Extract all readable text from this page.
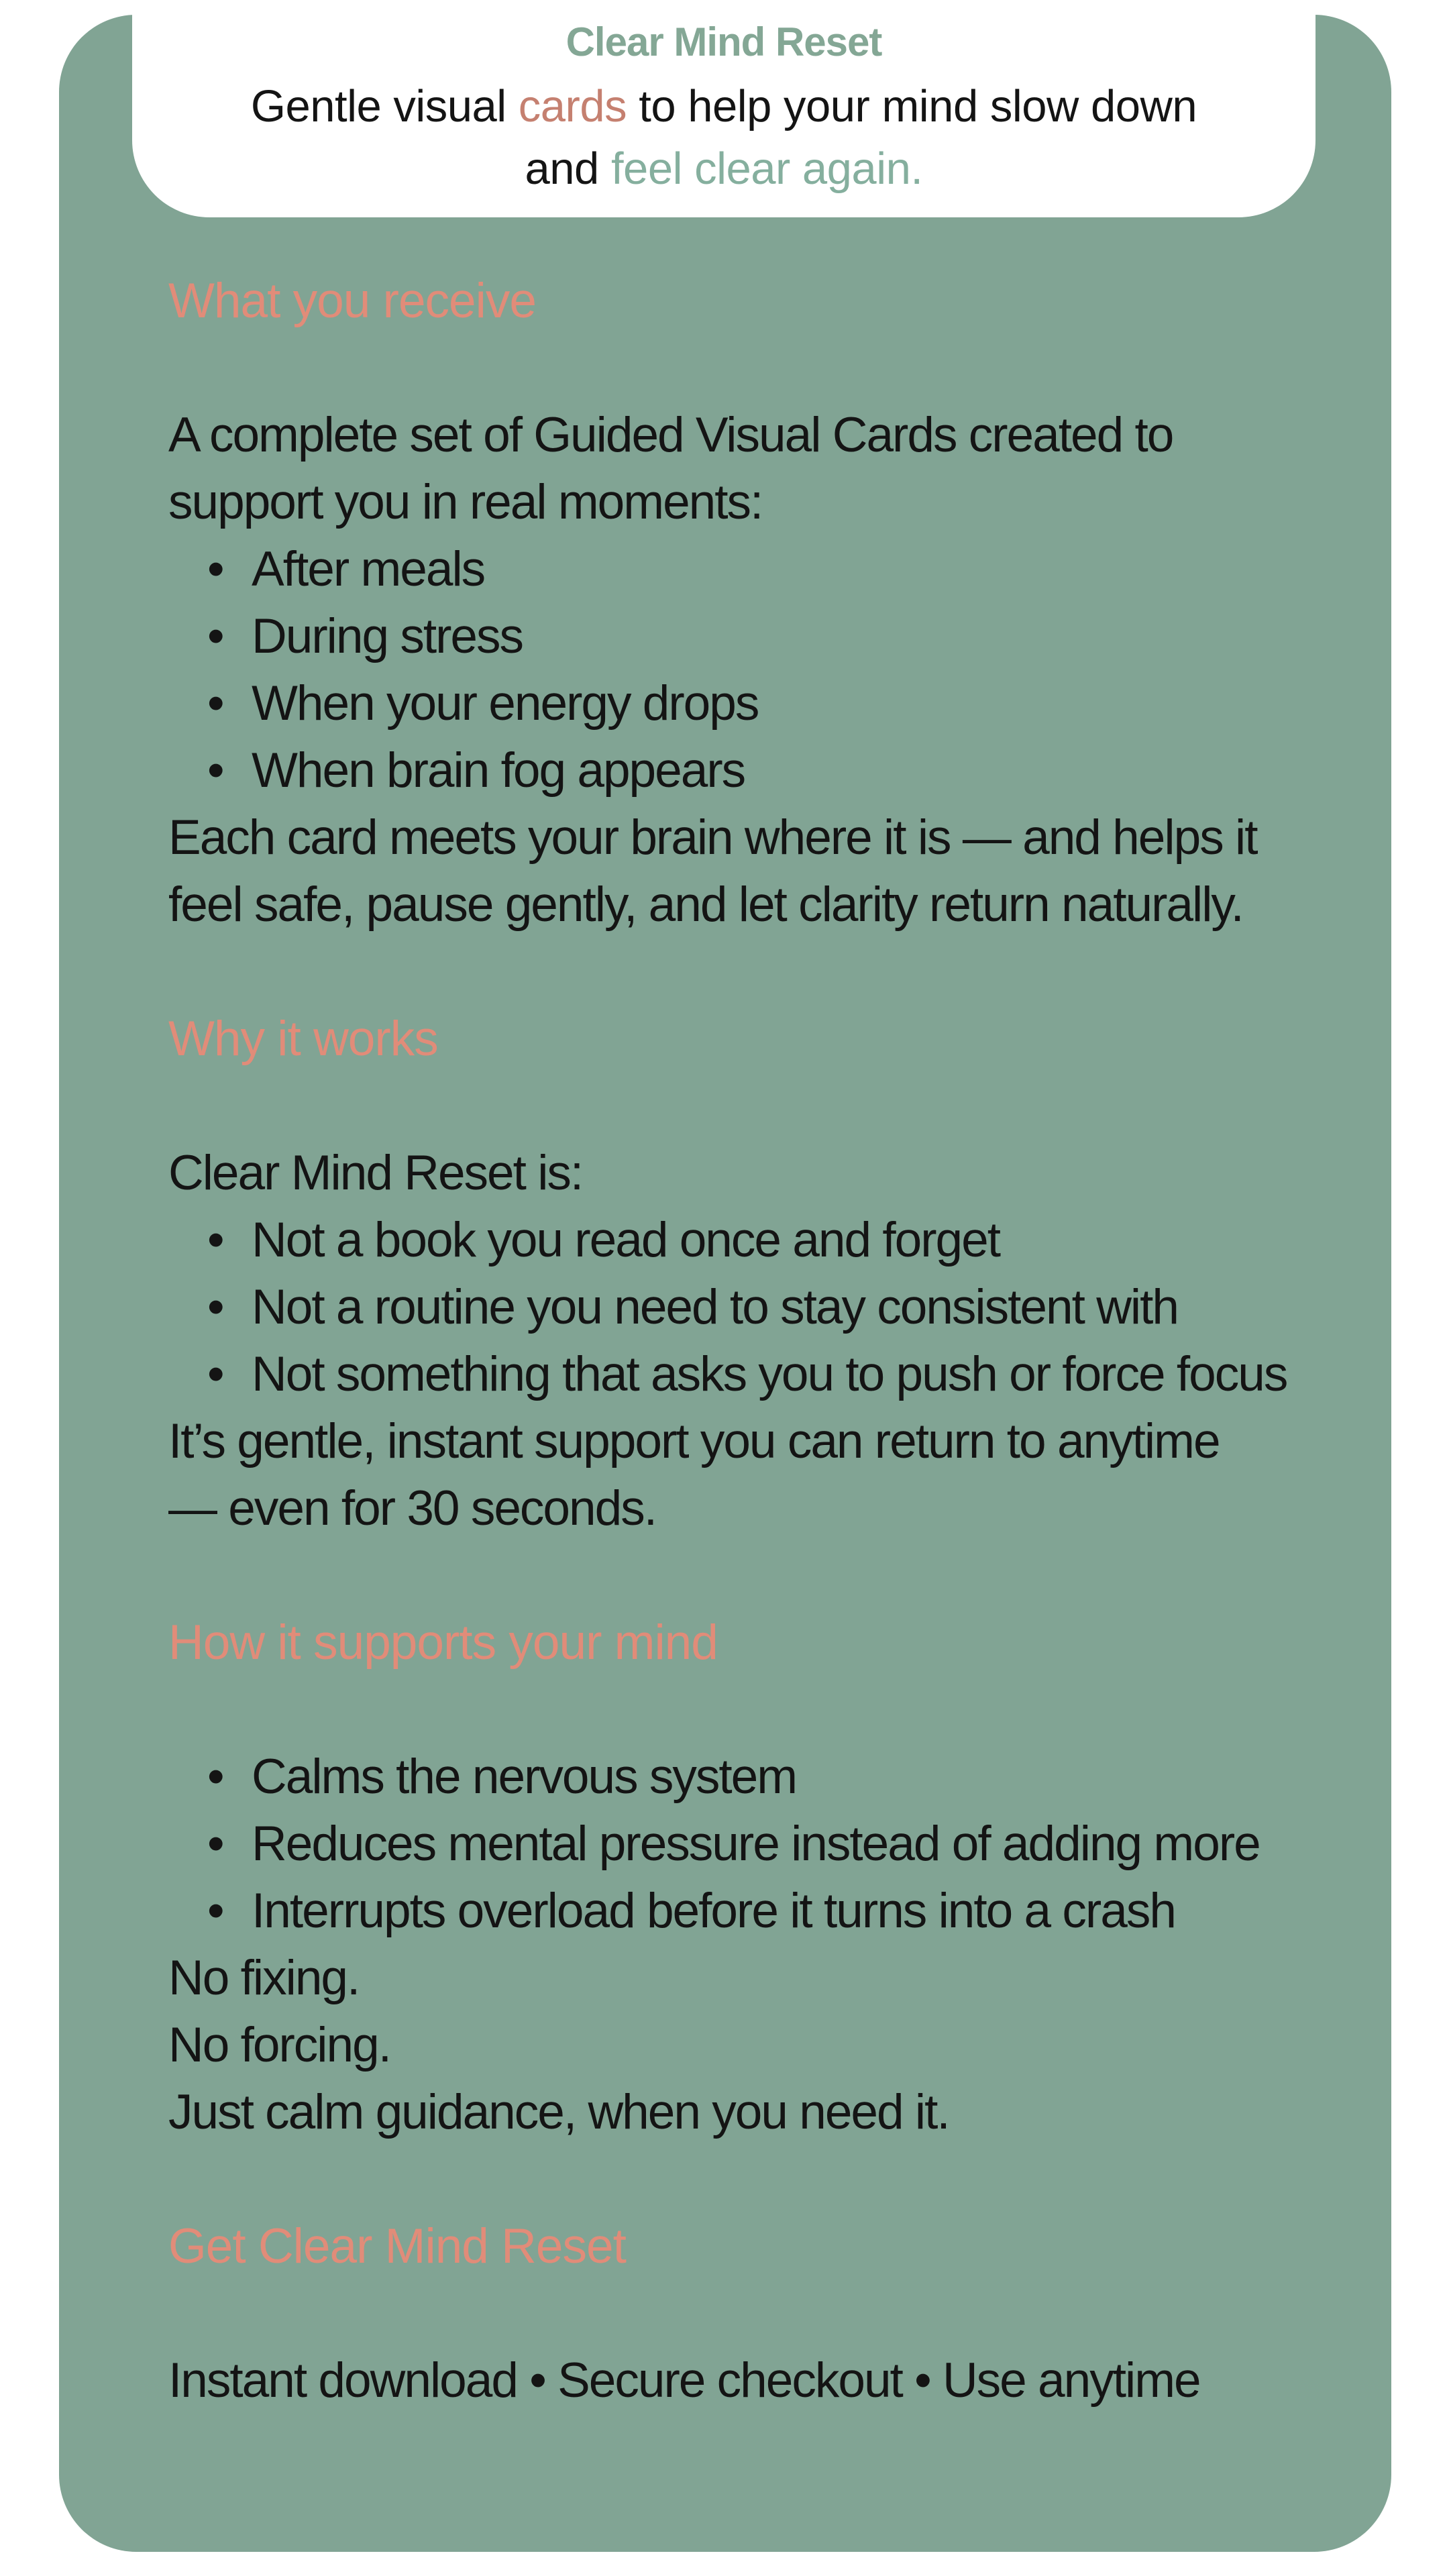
What you receive
A complete set of Guided Visual Cards created to
support you in real moments:
• After meals
• During stress
• When your energy drops
• When brain fog appears
Each card meets your brain where it is — and helps it
feel safe, pause gently, and let clarity return naturally.
Why it works
Clear Mind Reset is:
• Not a book you read once and forget
• Not a routine you need to stay consistent with
• Not something that asks you to push or force focus
It’s gentle, instant support you can return to anytime
— even for 30 seconds.
How it supports your mind
• Calms the nervous system
• Reduces mental pressure instead of adding more
• Interrupts overload before it turns into a crash
No fixing.
No forcing.
Just calm guidance, when you need it.
Get Clear Mind Reset
Instant download • Secure checkout • Use anytime
Clear Mind Reset
Gentle visual cards to help your mind slow down
and feel clear again.
